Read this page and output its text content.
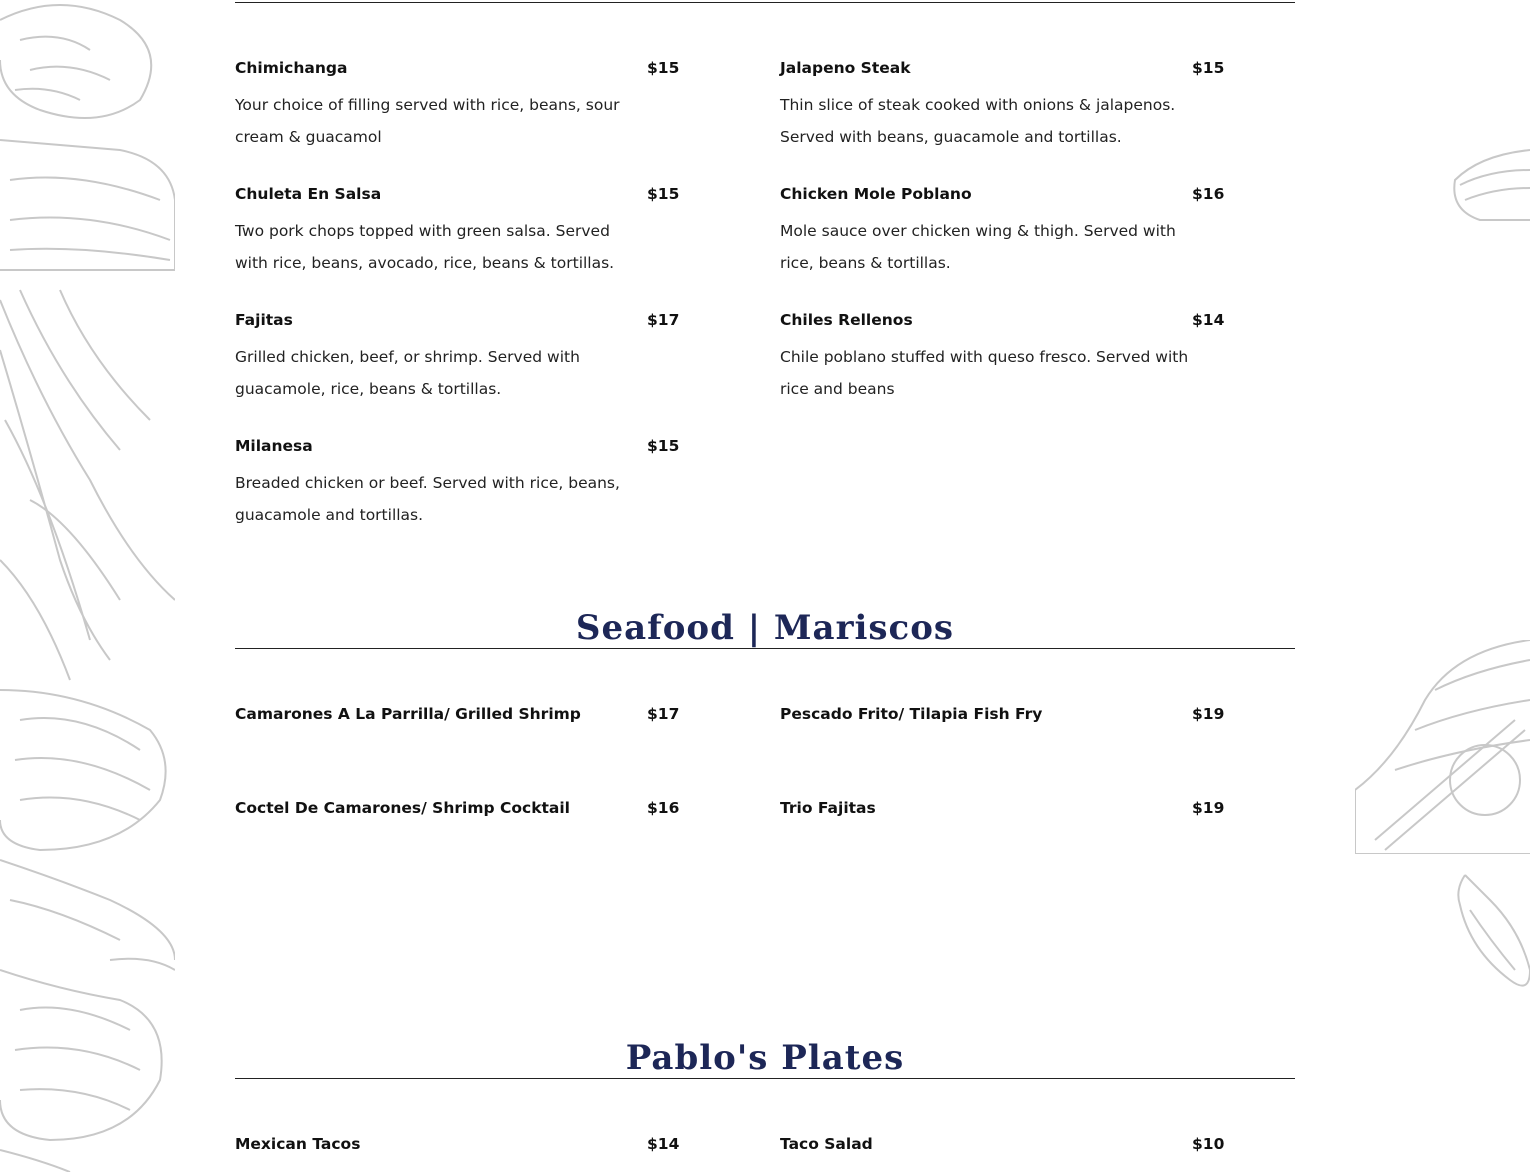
Chimichanga	$15
Your choice of filling served with rice, beans, sour cream & guacamol
Jalapeno Steak	$15
Thin slice of steak cooked with onions & jalapenos. Served with beans, guacamole and tortillas.
Chuleta En Salsa	$15
Two pork chops topped with green salsa. Served with rice, beans, avocado, rice, beans & tortillas.
Chicken Mole Poblano	$16
Mole sauce over chicken wing & thigh. Served with rice, beans & tortillas.
Fajitas	$17
Grilled chicken, beef, or shrimp. Served with guacamole, rice, beans & tortillas.
Chiles Rellenos	$14
Chile poblano stuffed with queso fresco. Served with rice and beans
Milanesa	$15
Breaded chicken or beef. Served with rice, beans, guacamole and tortillas.
Seafood | Mariscos
Camarones A La Parrilla/ Grilled Shrimp	$17	Pescado Frito/ Tilapia Fish Fry	$19
Coctel De Camarones/ Shrimp Cocktail	$16	Trio Fajitas	$19
Pablo's Plates
Mexican Tacos	$14	Taco Salad	$10
